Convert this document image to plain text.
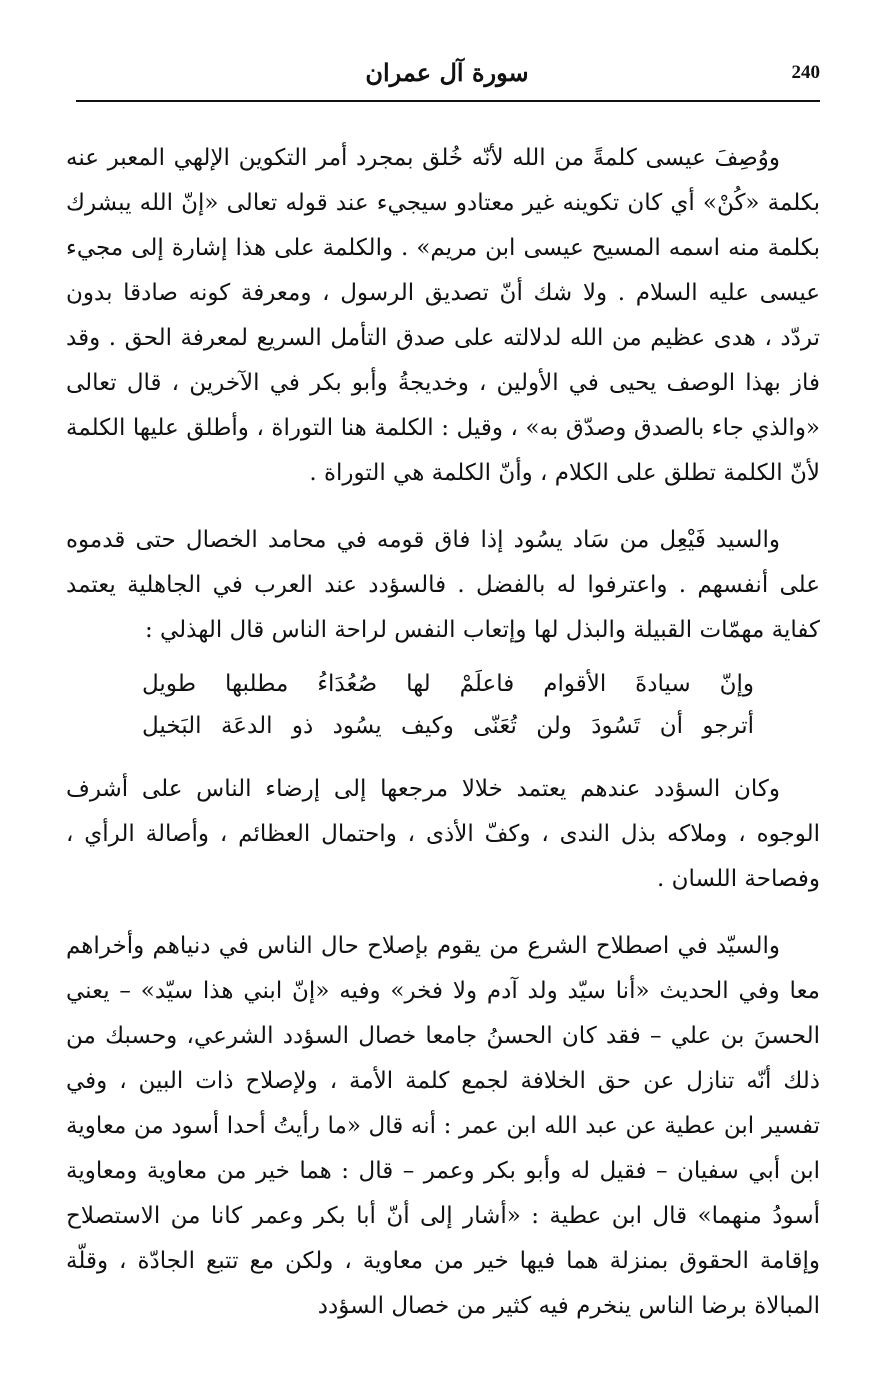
240
سورة آل عمران

ووُصِفَ عيسى كلمةً من الله لأنّه خُلق بمجرد أمر التكوين الإلهي المعبر عنه بكلمة «كُنْ» أي كان تكوينه غير معتادو سيجيء عند قوله تعالى «إنّ الله يبشرك بكلمة منه اسمه المسيح عيسى ابن مريم» . والكلمة على هذا إشارة إلى مجيء عيسى عليه السلام . ولا شك أنّ تصديق الرسول ، ومعرفة كونه صادقا بدون تردّد ، هدى عظيم من الله لدلالته على صدق التأمل السريع لمعرفة الحق . وقد فاز بهذا الوصف يحيى في الأولين ، وخديجةُ وأبو بكر في الآخرين ، قال تعالى «والذي جاء بالصدق وصدّق به» ، وقيل : الكلمة هنا التوراة ، وأطلق عليها الكلمة لأنّ الكلمة تطلق على الكلام ، وأنّ الكلمة هي التوراة .

والسيد فَيْعِل من سَاد يسُود إذا فاق قومه في محامد الخصال حتى قدموه على أنفسهم . واعترفوا له بالفضل . فالسؤدد عند العرب في الجاهلية يعتمد كفاية مهمّات القبيلة والبذل لها وإتعاب النفس لراحة الناس قال الهذلي :

وإنّ سيادةَ الأقوام فاعلَمْ لها صُعُدَاءُ مطلبها طويل
أترجو أن تَسُودَ ولن تُعَنّى وكيف يسُود ذو الدعَة البَخيل

وكان السؤدد عندهم يعتمد خلالا مرجعها إلى إرضاء الناس على أشرف الوجوه ، وملاكه بذل الندى ، وكفّ الأذى ، واحتمال العظائم ، وأصالة الرأي ، وفصاحة اللسان .

والسيّد في اصطلاح الشرع من يقوم بإصلاح حال الناس في دنياهم وأخراهم معا وفي الحديث «أنا سيّد ولد آدم ولا فخر» وفيه «إنّ ابني هذا سيّد» – يعني الحسنَ بن علي – فقد كان الحسنُ جامعا خصال السؤدد الشرعي، وحسبك من ذلك أنّه تنازل عن حق الخلافة لجمع كلمة الأمة ، ولإصلاح ذات البين ، وفي تفسير ابن عطية عن عبد الله ابن عمر : أنه قال «ما رأيتُ أحدا أسود من معاوية ابن أبي سفيان – فقيل له وأبو بكر وعمر – قال : هما خير من معاوية ومعاوية أسودُ منهما» قال ابن عطية : «أشار إلى أنّ أبا بكر وعمر كانا من الاستصلاح وإقامة الحقوق بمنزلة هما فيها خير من معاوية ، ولكن مع تتبع الجادّة ، وقلّة المبالاة برضا الناس ينخرم فيه كثير من خصال السؤدد
